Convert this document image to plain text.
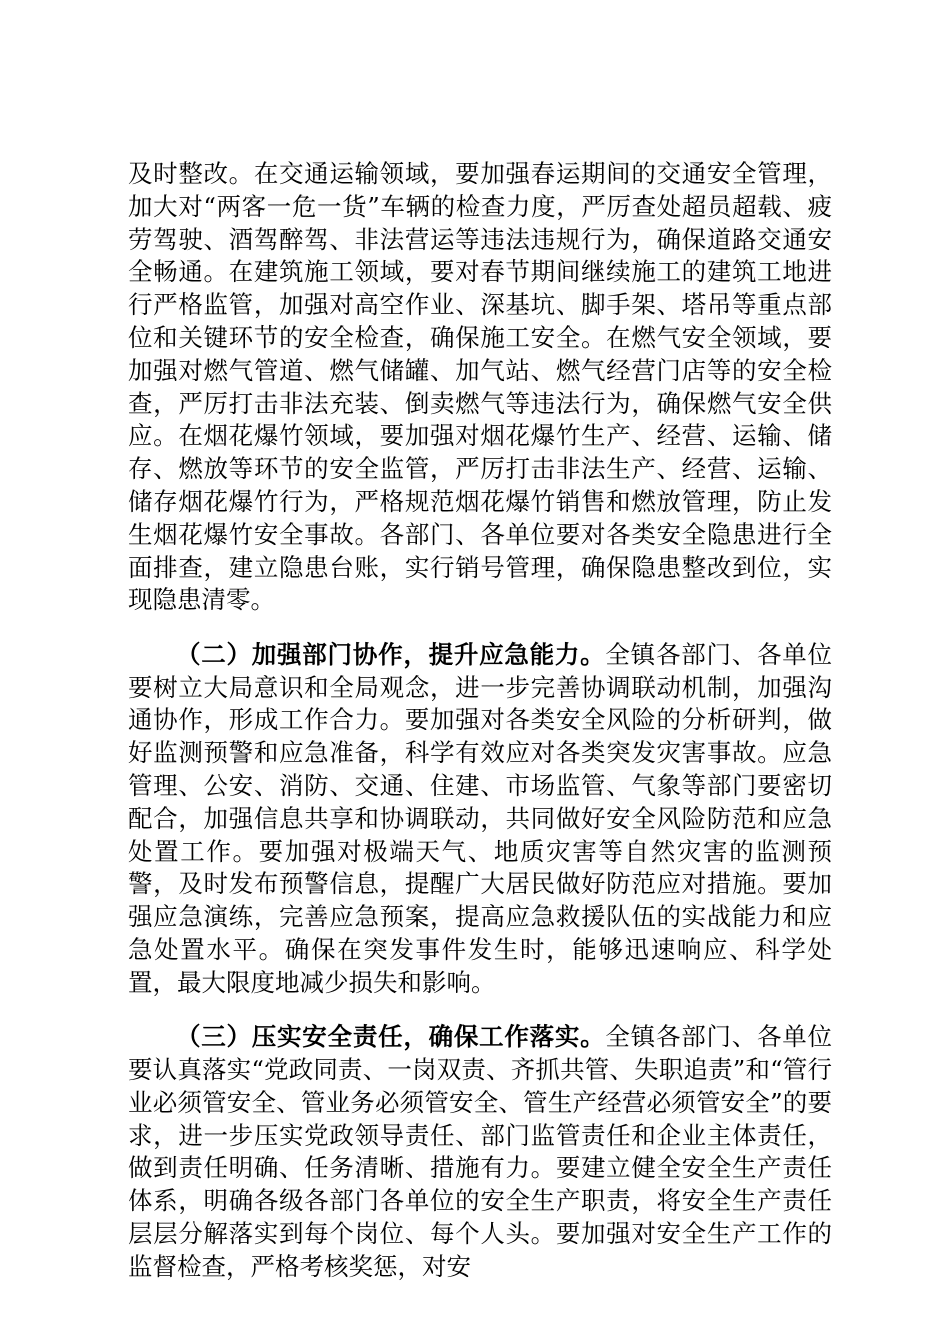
及时整改。在交通运输领域，要加强春运期间的交通安全管理，加大对“两客一危一货”车辆的检查力度，严厉查处超员超载、疲劳驾驶、酒驾醉驾、非法营运等违法违规行为，确保道路交通安全畅通。在建筑施工领域，要对春节期间继续施工的建筑工地进行严格监管，加强对高空作业、深基坑、脚手架、塔吊等重点部位和关键环节的安全检查，确保施工安全。在燃气安全领域，要加强对燃气管道、燃气储罐、加气站、燃气经营门店等的安全检查，严厉打击非法充装、倒卖燃气等违法行为，确保燃气安全供应。在烟花爆竹领域，要加强对烟花爆竹生产、经营、运输、储存、燃放等环节的安全监管，严厉打击非法生产、经营、运输、储存烟花爆竹行为，严格规范烟花爆竹销售和燃放管理，防止发生烟花爆竹安全事故。各部门、各单位要对各类安全隐患进行全面排查，建立隐患台账，实行销号管理，确保隐患整改到位，实现隐患清零。

（二）加强部门协作，提升应急能力。全镇各部门、各单位要树立大局意识和全局观念，进一步完善协调联动机制，加强沟通协作，形成工作合力。要加强对各类安全风险的分析研判，做好监测预警和应急准备，科学有效应对各类突发灾害事故。应急管理、公安、消防、交通、住建、市场监管、气象等部门要密切配合，加强信息共享和协调联动，共同做好安全风险防范和应急处置工作。要加强对极端天气、地质灾害等自然灾害的监测预警，及时发布预警信息，提醒广大居民做好防范应对措施。要加强应急演练，完善应急预案，提高应急救援队伍的实战能力和应急处置水平。确保在突发事件发生时，能够迅速响应、科学处置，最大限度地减少损失和影响。

（三）压实安全责任，确保工作落实。全镇各部门、各单位要认真落实“党政同责、一岗双责、齐抓共管、失职追责”和“管行业必须管安全、管业务必须管安全、管生产经营必须管安全”的要求，进一步压实党政领导责任、部门监管责任和企业主体责任，做到责任明确、任务清晰、措施有力。要建立健全安全生产责任体系，明确各级各部门各单位的安全生产职责，将安全生产责任层层分解落实到每个岗位、每个人头。要加强对安全生产工作的监督检查，严格考核奖惩，对安
